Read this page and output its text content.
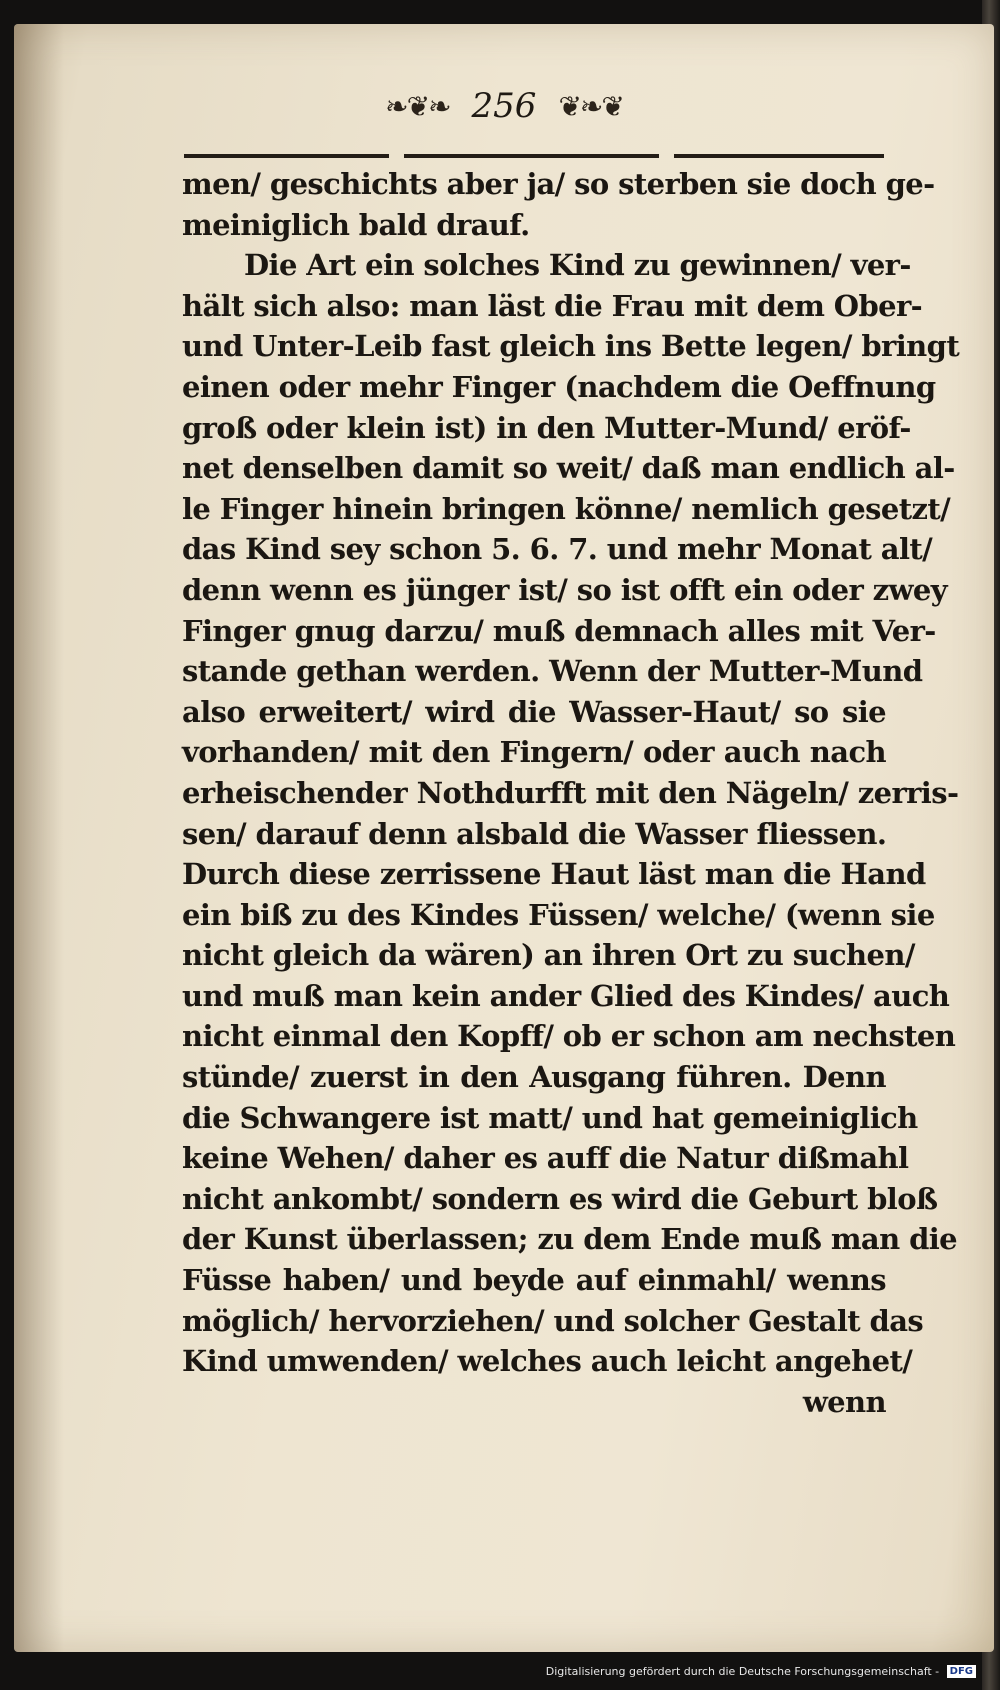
❧❦❧ 256 ❦❧❦
men/ geschichts aber ja/ so sterben sie doch ge-
meiniglich bald drauf.
Die Art ein solches Kind zu gewinnen/ ver-
hält sich also: man läst die Frau mit dem Ober-
und Unter-Leib fast gleich ins Bette legen/ bringt
einen oder mehr Finger (nachdem die Oeffnung
groß oder klein ist) in den Mutter-Mund/ eröf-
net denselben damit so weit/ daß man endlich al-
le Finger hinein bringen könne/ nemlich gesetzt/
das Kind sey schon 5. 6. 7. und mehr Monat alt/
denn wenn es jünger ist/ so ist offt ein oder zwey
Finger gnug darzu/ muß demnach alles mit Ver-
stande gethan werden. Wenn der Mutter-Mund
also erweitert/ wird die Wasser-Haut/ so sie
vorhanden/ mit den Fingern/ oder auch nach
erheischender Nothdurfft mit den Nägeln/ zerris-
sen/ darauf denn alsbald die Wasser fliessen.
Durch diese zerrissene Haut läst man die Hand
ein biß zu des Kindes Füssen/ welche/ (wenn sie
nicht gleich da wären) an ihren Ort zu suchen/
und muß man kein ander Glied des Kindes/ auch
nicht einmal den Kopff/ ob er schon am nechsten
stünde/ zuerst in den Ausgang führen. Denn
die Schwangere ist matt/ und hat gemeiniglich
keine Wehen/ daher es auff die Natur dißmahl
nicht ankombt/ sondern es wird die Geburt bloß
der Kunst überlassen; zu dem Ende muß man die
Füsse haben/ und beyde auf einmahl/ wenns
möglich/ hervorziehen/ und solcher Gestalt das
Kind umwenden/ welches auch leicht angehet/
wenn
Digitalisierung gefördert durch die Deutsche Forschungsgemeinschaft - DFG
